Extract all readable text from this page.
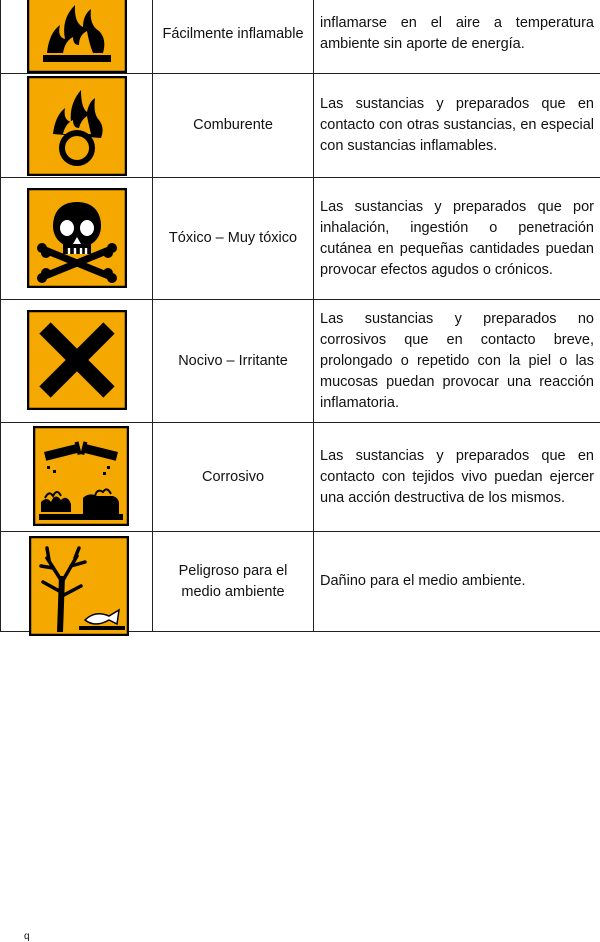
	Fácilmente inflamable	inflamarse en el aire a temperatura ambiente sin aporte de energía.

	Comburente	Las sustancias y preparados que en contacto con otras sustancias, en especial con sustancias inflamables.

	Tóxico – Muy tóxico	Las sustancias y preparados que por inhalación, ingestión o penetración cutánea en pequeñas cantidades puedan provocar efectos agudos o crónicos.

	Nocivo – Irritante	Las sustancias y preparados no corrosivos que en contacto breve, prolongado o repetido con la piel o las mucosas puedan provocar una reacción inflamatoria.

q	Corrosivo	Las sustancias y preparados que en contacto con tejidos vivo puedan ejercer una acción destructiva de los mismos.

	Peligroso para el medio ambiente	Dañino para el medio ambiente.
